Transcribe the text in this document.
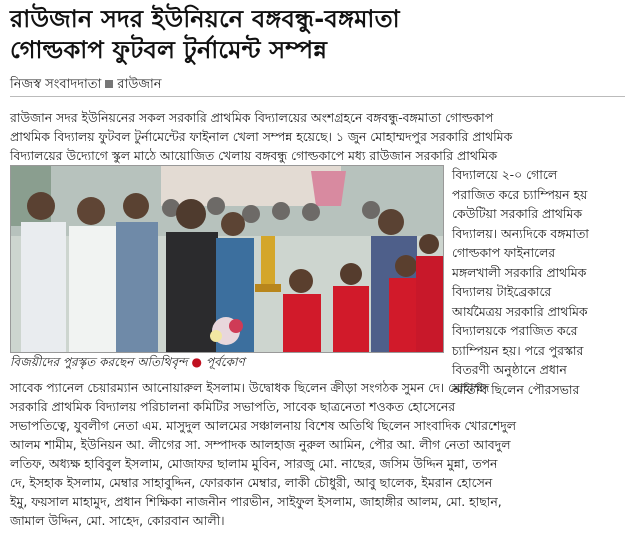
রাউজান সদর ইউনিয়নে বঙ্গবন্ধু-বঙ্গমাতা
গোল্ডকাপ ফুটবল টুর্নামেন্ট সম্পন্ন
নিজস্ব সংবাদদাতা রাউজান
রাউজান সদর ইউনিয়নের সকল সরকারি প্রাথমিক বিদ্যালয়ের অংশগ্রহনে বঙ্গবন্ধু-বঙ্গমাতা গোল্ডকাপ
প্রাথমিক বিদ্যালয় ফুটবল টুর্নামেন্টের ফাইনাল খেলা সম্পন্ন হয়েছে। ১ জুন মোহাম্মদপুর সরকারি প্রাথমিক
বিদ্যালয়ের উদ্যোগে স্কুল মাঠে আয়োজিত খেলায় বঙ্গবন্ধু গোল্ডকাপে মধ্য রাউজান সরকারি প্রাথমিক
বিজয়ীদের পুরস্কৃত করছেন অতিথিবৃন্দ ● পূর্বকোণ
বিদ্যালয়ে ২-০ গোলে
পরাজিত করে চ্যাম্পিয়ন হয়
কেউটিয়া সরকারি প্রাথমিক
বিদ্যালয়। অন্যদিকে বঙ্গমাতা
গোল্ডকাপ ফাইনালের
মঙ্গলখালী সরকারি প্রাথমিক
বিদ্যালয় টাইব্রেকারে
আর্যমৈত্রয় সরকারি প্রাথমিক
বিদ্যালয়কে পরাজিত করে
চ্যাম্পিয়ন হয়। পরে পুরস্কার
বিতরণী অনুষ্ঠানে প্রধান
অতিথি ছিলেন পৌরসভার
সাবেক প্যানেল চেয়ারম্যান আনোয়ারুল ইসলাম। উদ্বোধক ছিলেন ক্রীড়া সংগঠক সুমন দে। মোহাম্মদ
সরকারি প্রাথমিক বিদ্যালয় পরিচালনা কমিটির সভাপতি, সাবেক ছাত্রনেতা শওকত হোসেনের
সভাপতিত্বে, যুবলীগ নেতা এম. মাসুদুল আলমের সঞ্চালনায় বিশেষ অতিথি ছিলেন সাংবাদিক খোরশেদুল
আলম শামীম, ইউনিয়ন আ. লীগের সা. সম্পাদক আলহাজ নুরুল আমিন, পৌর আ. লীগ নেতা আবদুল
লতিফ, অধ্যক্ষ হাবিবুল ইসলাম, মোজাফর ছালাম মুবিন, সারজু মো. নাছের, জসিম উদ্দিন মুন্না, তপন
দে, ইসহাক ইসলাম, মেম্বার সাহাবুদ্দিন, ফোরকান মেম্বার, লাকী চৌধুরী, আবু ছালেক, ইমরান হোসেন
ইমু, ফয়সাল মাহামুদ, প্রধান শিক্ষিকা নাজনীন পারভীন, সাইফুল ইসলাম, জাহাঙ্গীর আলম, মো. হাছান,
জামাল উদ্দিন, মো. সাহেদ, কোরবান আলী।
